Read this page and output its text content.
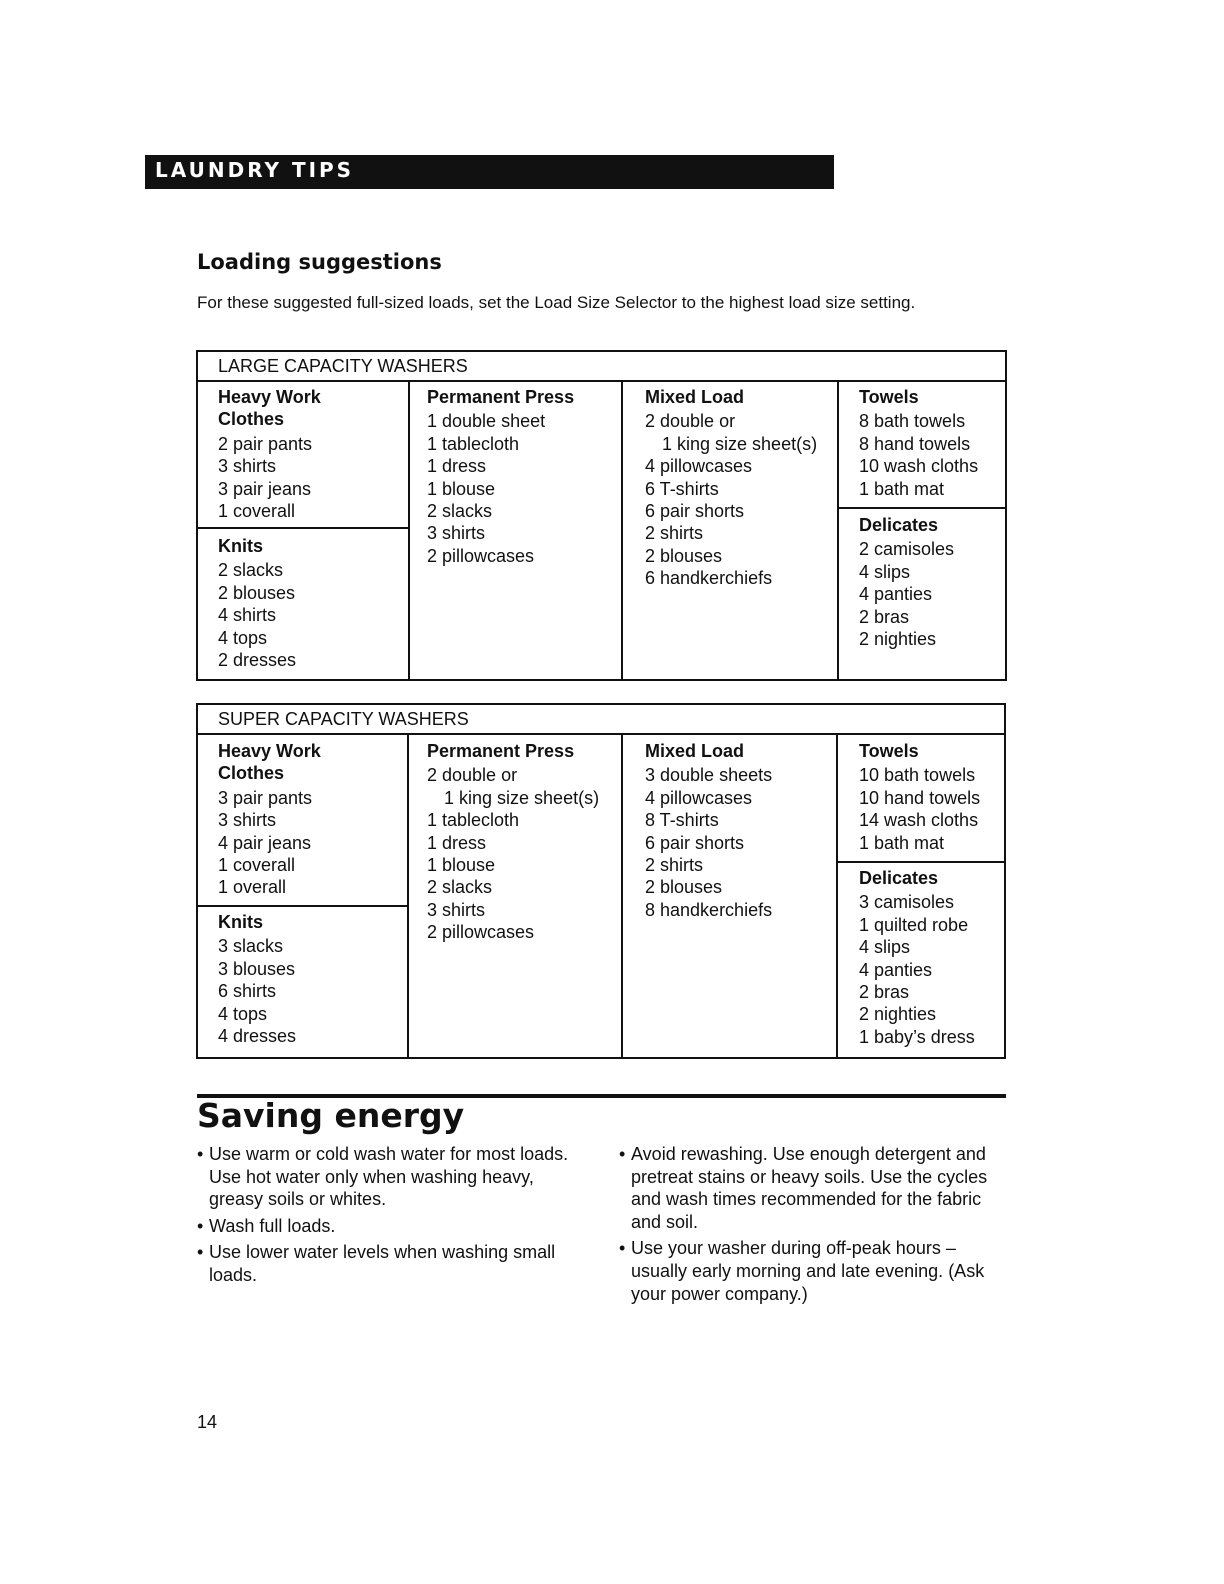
LAUNDRY TIPS
Loading suggestions

For these suggested full-sized loads, set the Load Size Selector to the highest load size setting.

LARGE CAPACITY WASHERS

Heavy Work

Clothes

2 pair pants
3 shirts
3 pair jeans
1 coverall

Knits

2 slacks
2 blouses
4 shirts
4 tops
2 dresses

Permanent Press

1 double sheet
1 tablecloth
1 dress
1 blouse
2 slacks
3 shirts
2 pillowcases

Mixed Load

2 double or
1 king size sheet(s)
4 pillowcases
6 T-shirts
6 pair shorts
2 shirts
2 blouses
6 handkerchiefs

Towels

8 bath towels
8 hand towels
10 wash cloths
1 bath mat

Delicates

2 camisoles
4 slips
4 panties
2 bras
2 nighties
SUPER CAPACITY WASHERS

Heavy Work

Clothes

3 pair pants
3 shirts
4 pair jeans
1 coverall
1 overall

Knits

3 slacks
3 blouses
6 shirts
4 tops
4 dresses

Permanent Press

2 double or
1 king size sheet(s)
1 tablecloth
1 dress
1 blouse
2 slacks
3 shirts
2 pillowcases

Mixed Load

3 double sheets
4 pillowcases
8 T-shirts
6 pair shorts
2 shirts
2 blouses
8 handkerchiefs

Towels

10 bath towels
10 hand towels
14 wash cloths
1 bath mat

Delicates

3 camisoles
1 quilted robe
4 slips
4 panties
2 bras
2 nighties
1 baby’s dress
Saving energy
• Use warm or cold wash water for most loads. Use hot water only when washing heavy, greasy soils or whites.
• Wash full loads.
• Use lower water levels when washing small loads.
• Avoid rewashing. Use enough detergent and pretreat stains or heavy soils. Use the cycles and wash times recommended for the fabric and soil.
• Use your washer during off-peak hours – usually early morning and late evening. (Ask your power company.)
14
